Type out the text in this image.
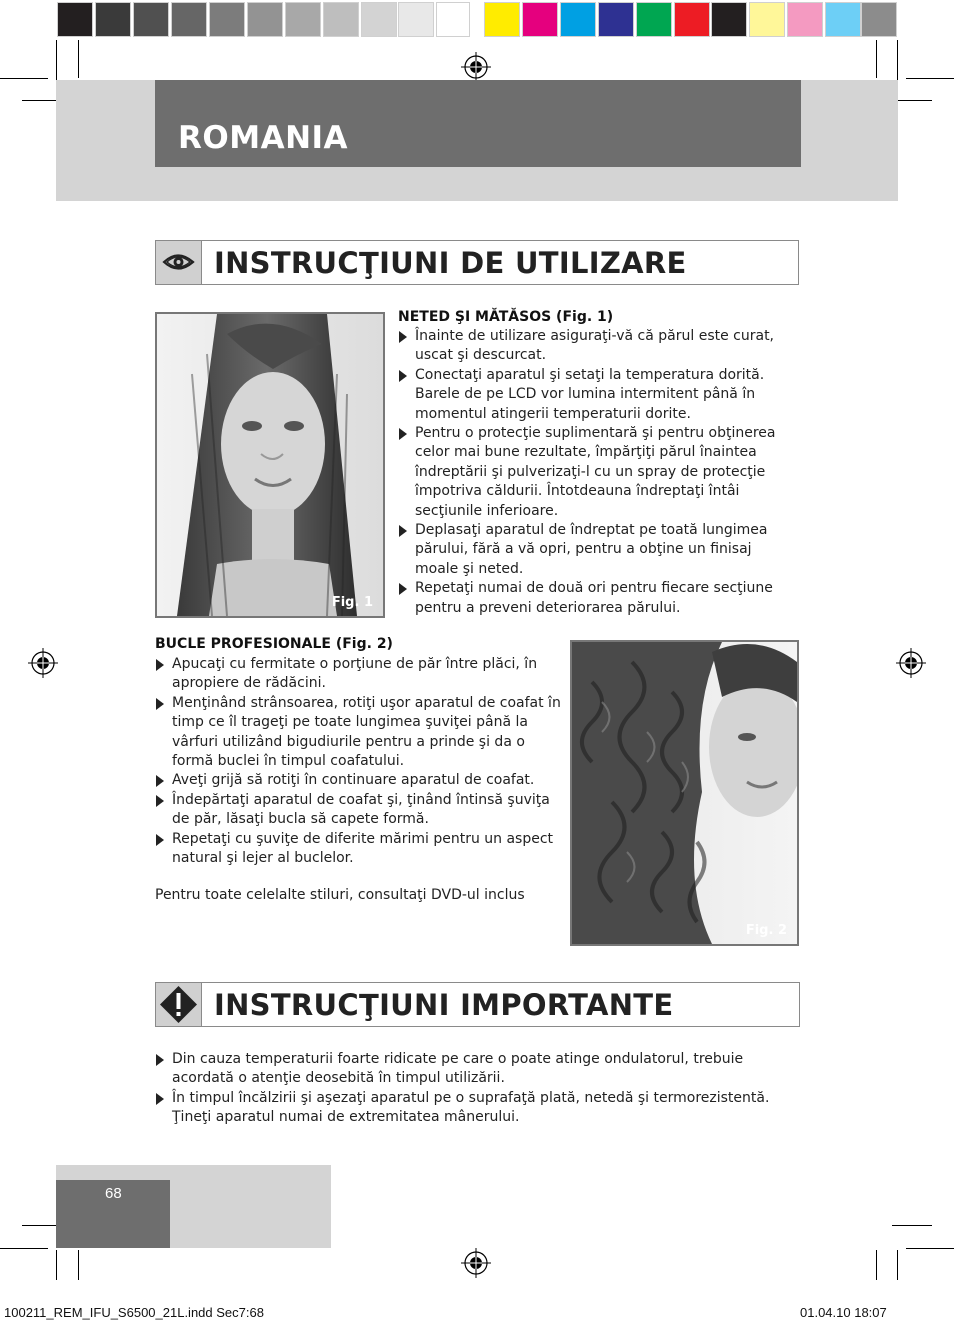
ROMANIA
INSTRUCŢIUNI DE UTILIZARE
Fig. 1
NETED ŞI MĂTĂSOS (Fig. 1)
Înainte de utilizare asiguraţi-vă că părul este curat, uscat şi descurcat.
Conectaţi aparatul şi setaţi la temperatura dorită. Barele de pe LCD vor lumina intermitent până în momentul atingerii temperaturii dorite.
Pentru o protecţie suplimentară şi pentru obţinerea celor mai bune rezultate, împărţiţi părul înaintea îndreptării şi pulverizaţi-l cu un spray de protecţie împotriva căldurii. Întotdeauna îndreptaţi întâi secţiunile inferioare.
Deplasaţi aparatul de îndreptat pe toată lungimea părului, fără a vă opri, pentru a obţine un finisaj moale şi neted.
Repetaţi numai de două ori pentru fiecare secţiune pentru a preveni deteriorarea părului.
BUCLE PROFESIONALE (Fig. 2)
Apucaţi cu fermitate o porţiune de păr între plăci, în apropiere de rădăcini.
Menţinând strânsoarea, rotiţi uşor aparatul de coafat în timp ce îl trageţi pe toate lungimea şuviţei până la vârfuri utilizând bigudiurile pentru a prinde şi da o formă buclei în timpul coafatului.
Aveţi grijă să rotiţi în continuare aparatul de coafat.
Îndepărtaţi aparatul de coafat şi, ţinând întinsă şuviţa de păr, lăsaţi bucla să capete formă.
Repetaţi cu şuviţe de diferite mărimi pentru un aspect natural şi lejer al buclelor.
Pentru toate celelalte stiluri, consultaţi DVD-ul inclus
Fig. 2
INSTRUCŢIUNI IMPORTANTE
Din cauza temperaturii foarte ridicate pe care o poate atinge ondulatorul, trebuie acordată o atenţie deosebită în timpul utilizării.
În timpul încălzirii şi aşezaţi aparatul pe o suprafaţă plată, netedă şi termorezistentă. Ţineţi aparatul numai de extremitatea mânerului.
68
100211_REM_IFU_S6500_21L.indd Sec7:68	01.04.10 18:07
